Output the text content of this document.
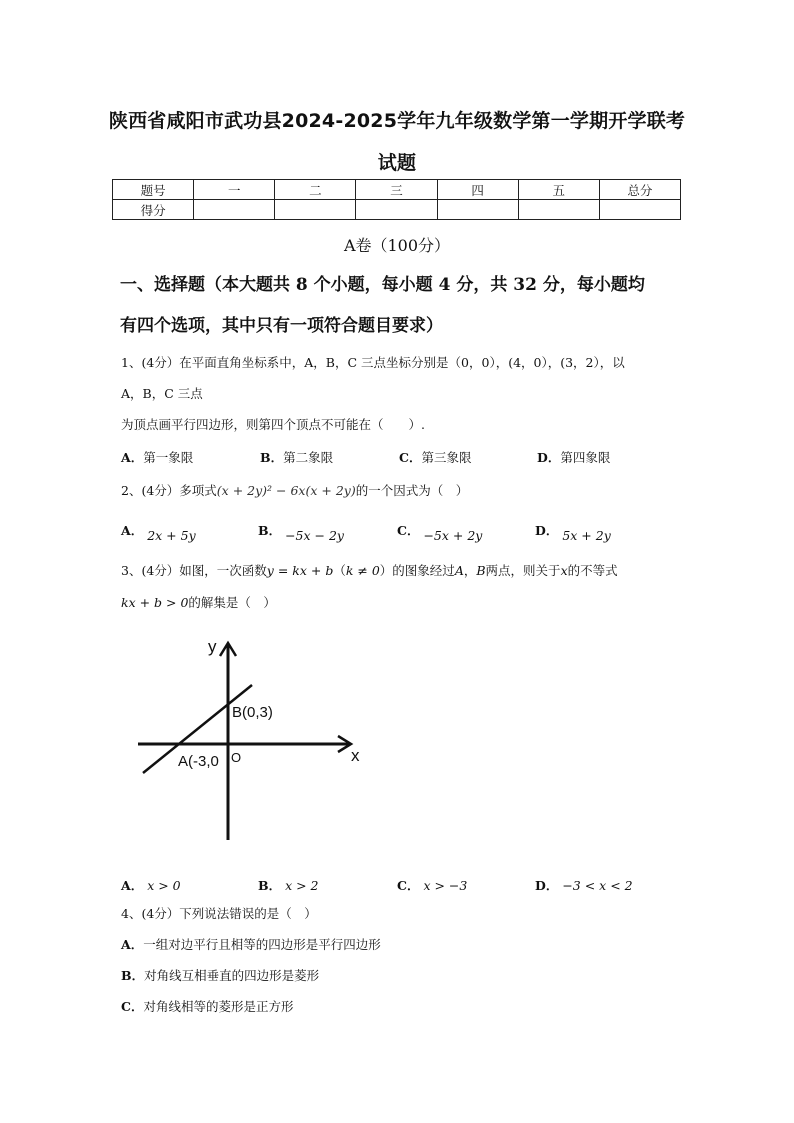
陕西省咸阳市武功县2024-2025学年九年级数学第一学期开学联考
试题
题号	一	二	三	四	五	总分
得分						
A卷（100分）
一、选择题（本大题共 8 个小题，每小题 4 分，共 32 分，每小题均
有四个选项，其中只有一项符合题目要求）
1、(4分）在平面直角坐标系中，A，B，C 三点坐标分别是（0，0），(4，0），(3，2），以
A，B，C 三点
为顶点画平行四边形，则第四个顶点不可能在（　　）.
A．第一象限	B．第二象限	C．第三象限	D．第四象限
2、(4分）多项式(x + 2y)² − 6x(x + 2y)的一个因式为（　）
A． 2x + 5y	B． −5x − 2y	C． −5x + 2y	D． 5x + 2y
3、(4分）如图，一次函数y = kx + b（k ≠ 0）的图象经过A，B两点，则关于x的不等式
kx + b > 0的解集是（　）
y
x
O
B(0,3)
A(-3,0
A． x > 0	B． x > 2	C． x > −3	D． −3 < x < 2
4、(4分）下列说法错误的是（　）
A．一组对边平行且相等的四边形是平行四边形
B．对角线互相垂直的四边形是菱形
C．对角线相等的菱形是正方形
